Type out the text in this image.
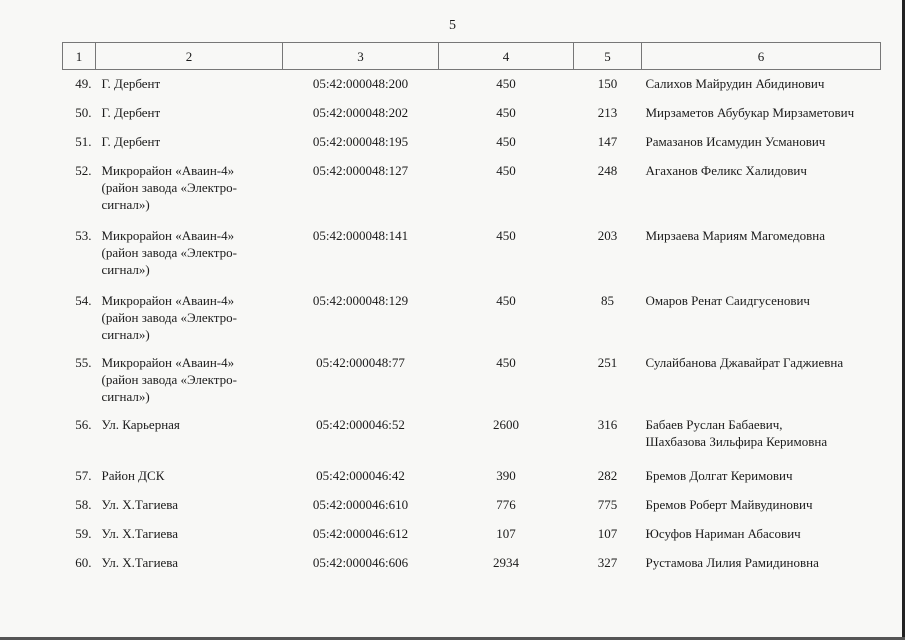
5
1	2	3	4	5	6

49.	Г. Дербент	05:42:000048:200	450	150	Салихов Майрудин Абидинович

50.	Г. Дербент	05:42:000048:202	450	213	Мирзаметов Абубукар Мирзаметович

51.	Г. Дербент	05:42:000048:195	450	147	Рамазанов Исамудин Усманович

52.	Микрорайон «Аваин-4»
(район завода «Электро-
сигнал»)	05:42:000048:127	450	248	Агаханов Феликс Халидович

53.	Микрорайон «Аваин-4»
(район завода «Электро-
сигнал»)	05:42:000048:141	450	203	Мирзаева Мариям Магомедовна

54.	Микрорайон «Аваин-4»
(район завода «Электро-
сигнал»)	05:42:000048:129	450	85	Омаров Ренат Саидгусенович

55.	Микрорайон «Аваин-4»
(район завода «Электро-
сигнал»)	05:42:000048:77	450	251	Сулайбанова Джавайрат Гаджиевна

56.	Ул. Карьерная	05:42:000046:52	2600	316	Бабаев Руслан Бабаевич,
Шахбазова Зильфира Керимовна

57.	Район ДСК	05:42:000046:42	390	282	Бремов Долгат Керимович

58.	Ул. Х.Тагиева	05:42:000046:610	776	775	Бремов Роберт Майвудинович

59.	Ул. Х.Тагиева	05:42:000046:612	107	107	Юсуфов Нариман Абасович

60.	Ул. Х.Тагиева	05:42:000046:606	2934	327	Рустамова Лилия Рамидиновна
